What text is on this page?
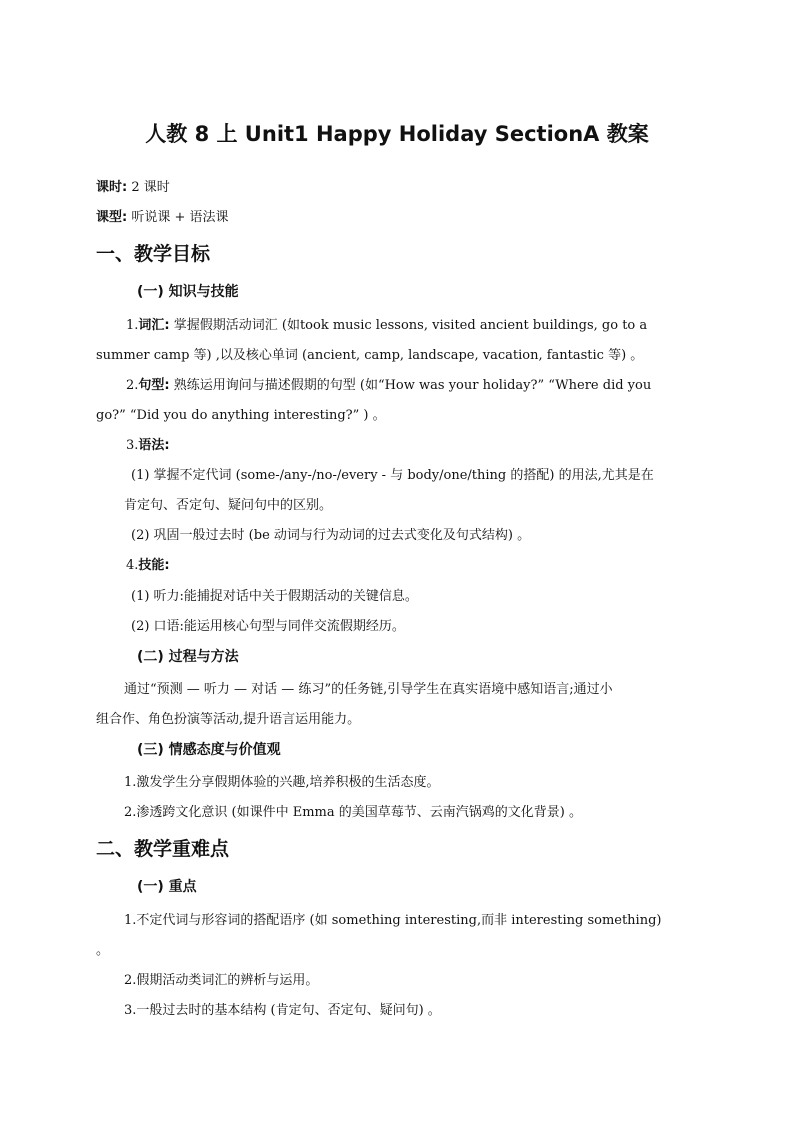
人教 8 上 Unit1 Happy Holiday SectionA 教案
课时: 2 课时
课型: 听说课 + 语法课
一、教学目标
(一) 知识与技能
1.词汇: 掌握假期活动词汇 (如took music lessons, visited ancient buildings, go to a
summer camp 等) ,以及核心单词 (ancient, camp, landscape, vacation, fantastic 等) 。
2.句型: 熟练运用询问与描述假期的句型 (如“How was your holiday?” “Where did you
go?” “Did you do anything interesting?” ) 。
3.语法:
(1) 掌握不定代词 (some-/any-/no-/every - 与 body/one/thing 的搭配) 的用法,尤其是在
肯定句、否定句、疑问句中的区别。
(2) 巩固一般过去时 (be 动词与行为动词的过去式变化及句式结构) 。
4.技能:
(1) 听力:能捕捉对话中关于假期活动的关键信息。
(2) 口语:能运用核心句型与同伴交流假期经历。
(二) 过程与方法
通过“预测 — 听力 — 对话 — 练习”的任务链,引导学生在真实语境中感知语言;通过小
组合作、角色扮演等活动,提升语言运用能力。
(三) 情感态度与价值观
1.激发学生分享假期体验的兴趣,培养积极的生活态度。
2.渗透跨文化意识 (如课件中 Emma 的美国草莓节、云南汽锅鸡的文化背景) 。
二、教学重难点
(一) 重点
1.不定代词与形容词的搭配语序 (如 something interesting,而非 interesting something)
。
2.假期活动类词汇的辨析与运用。
3.一般过去时的基本结构 (肯定句、否定句、疑问句) 。
